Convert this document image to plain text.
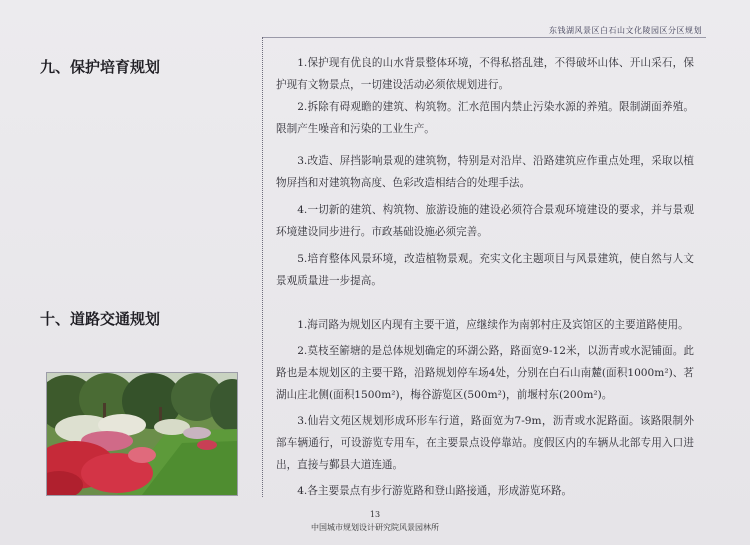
东钱湖风景区白石山文化陵园区分区规划
九、保护培育规划	1.保护现有优良的山水背景整体环境，不得私搭乱建，不得破坏山体、开山采石，保护现有文物景点，一切建设活动必须依规划进行。

2.拆除有碍观瞻的建筑、构筑物。汇水范围内禁止污染水源的养殖。限制湖面养殖。限制产生噪音和污染的工业生产。

3.改造、屏挡影响景观的建筑物，特别是对沿岸、沿路建筑应作重点处理，采取以植物屏挡和对建筑物高度、色彩改造相结合的处理手法。

4.一切新的建筑、构筑物、旅游设施的建设必须符合景观环境建设的要求，并与景观环境建设同步进行。市政基础设施必须完善。

5.培育整体风景环境，改造植物景观。充实文化主题项目与风景建筑，使自然与人文景观质量进一步提高。

十、道路交通规划	1.海司路为规划区内现有主要干道，应继续作为南郭村庄及宾馆区的主要道路使用。

2.莫枝至簖塘的是总体规划确定的环湖公路，路面宽9-12米，以沥青或水泥铺面。此路也是本规划区的主要干路，沿路规划停车场4处，分别在白石山南麓(面积1000m²)、茗湖山庄北侧(面积1500m²)，梅谷游览区(500m²)，前堰村东(200m²)。

3.仙岩文苑区规划形成环形车行道，路面宽为7-9m，沥青或水泥路面。该路限制外部车辆通行，可设游览专用车，在主要景点设停靠站。度假区内的车辆从北部专用入口进出，直接与鄞县大道连通。

4.各主要景点有步行游览路和登山路接通，形成游览环路。

13
中国城市规划设计研究院风景园林所
